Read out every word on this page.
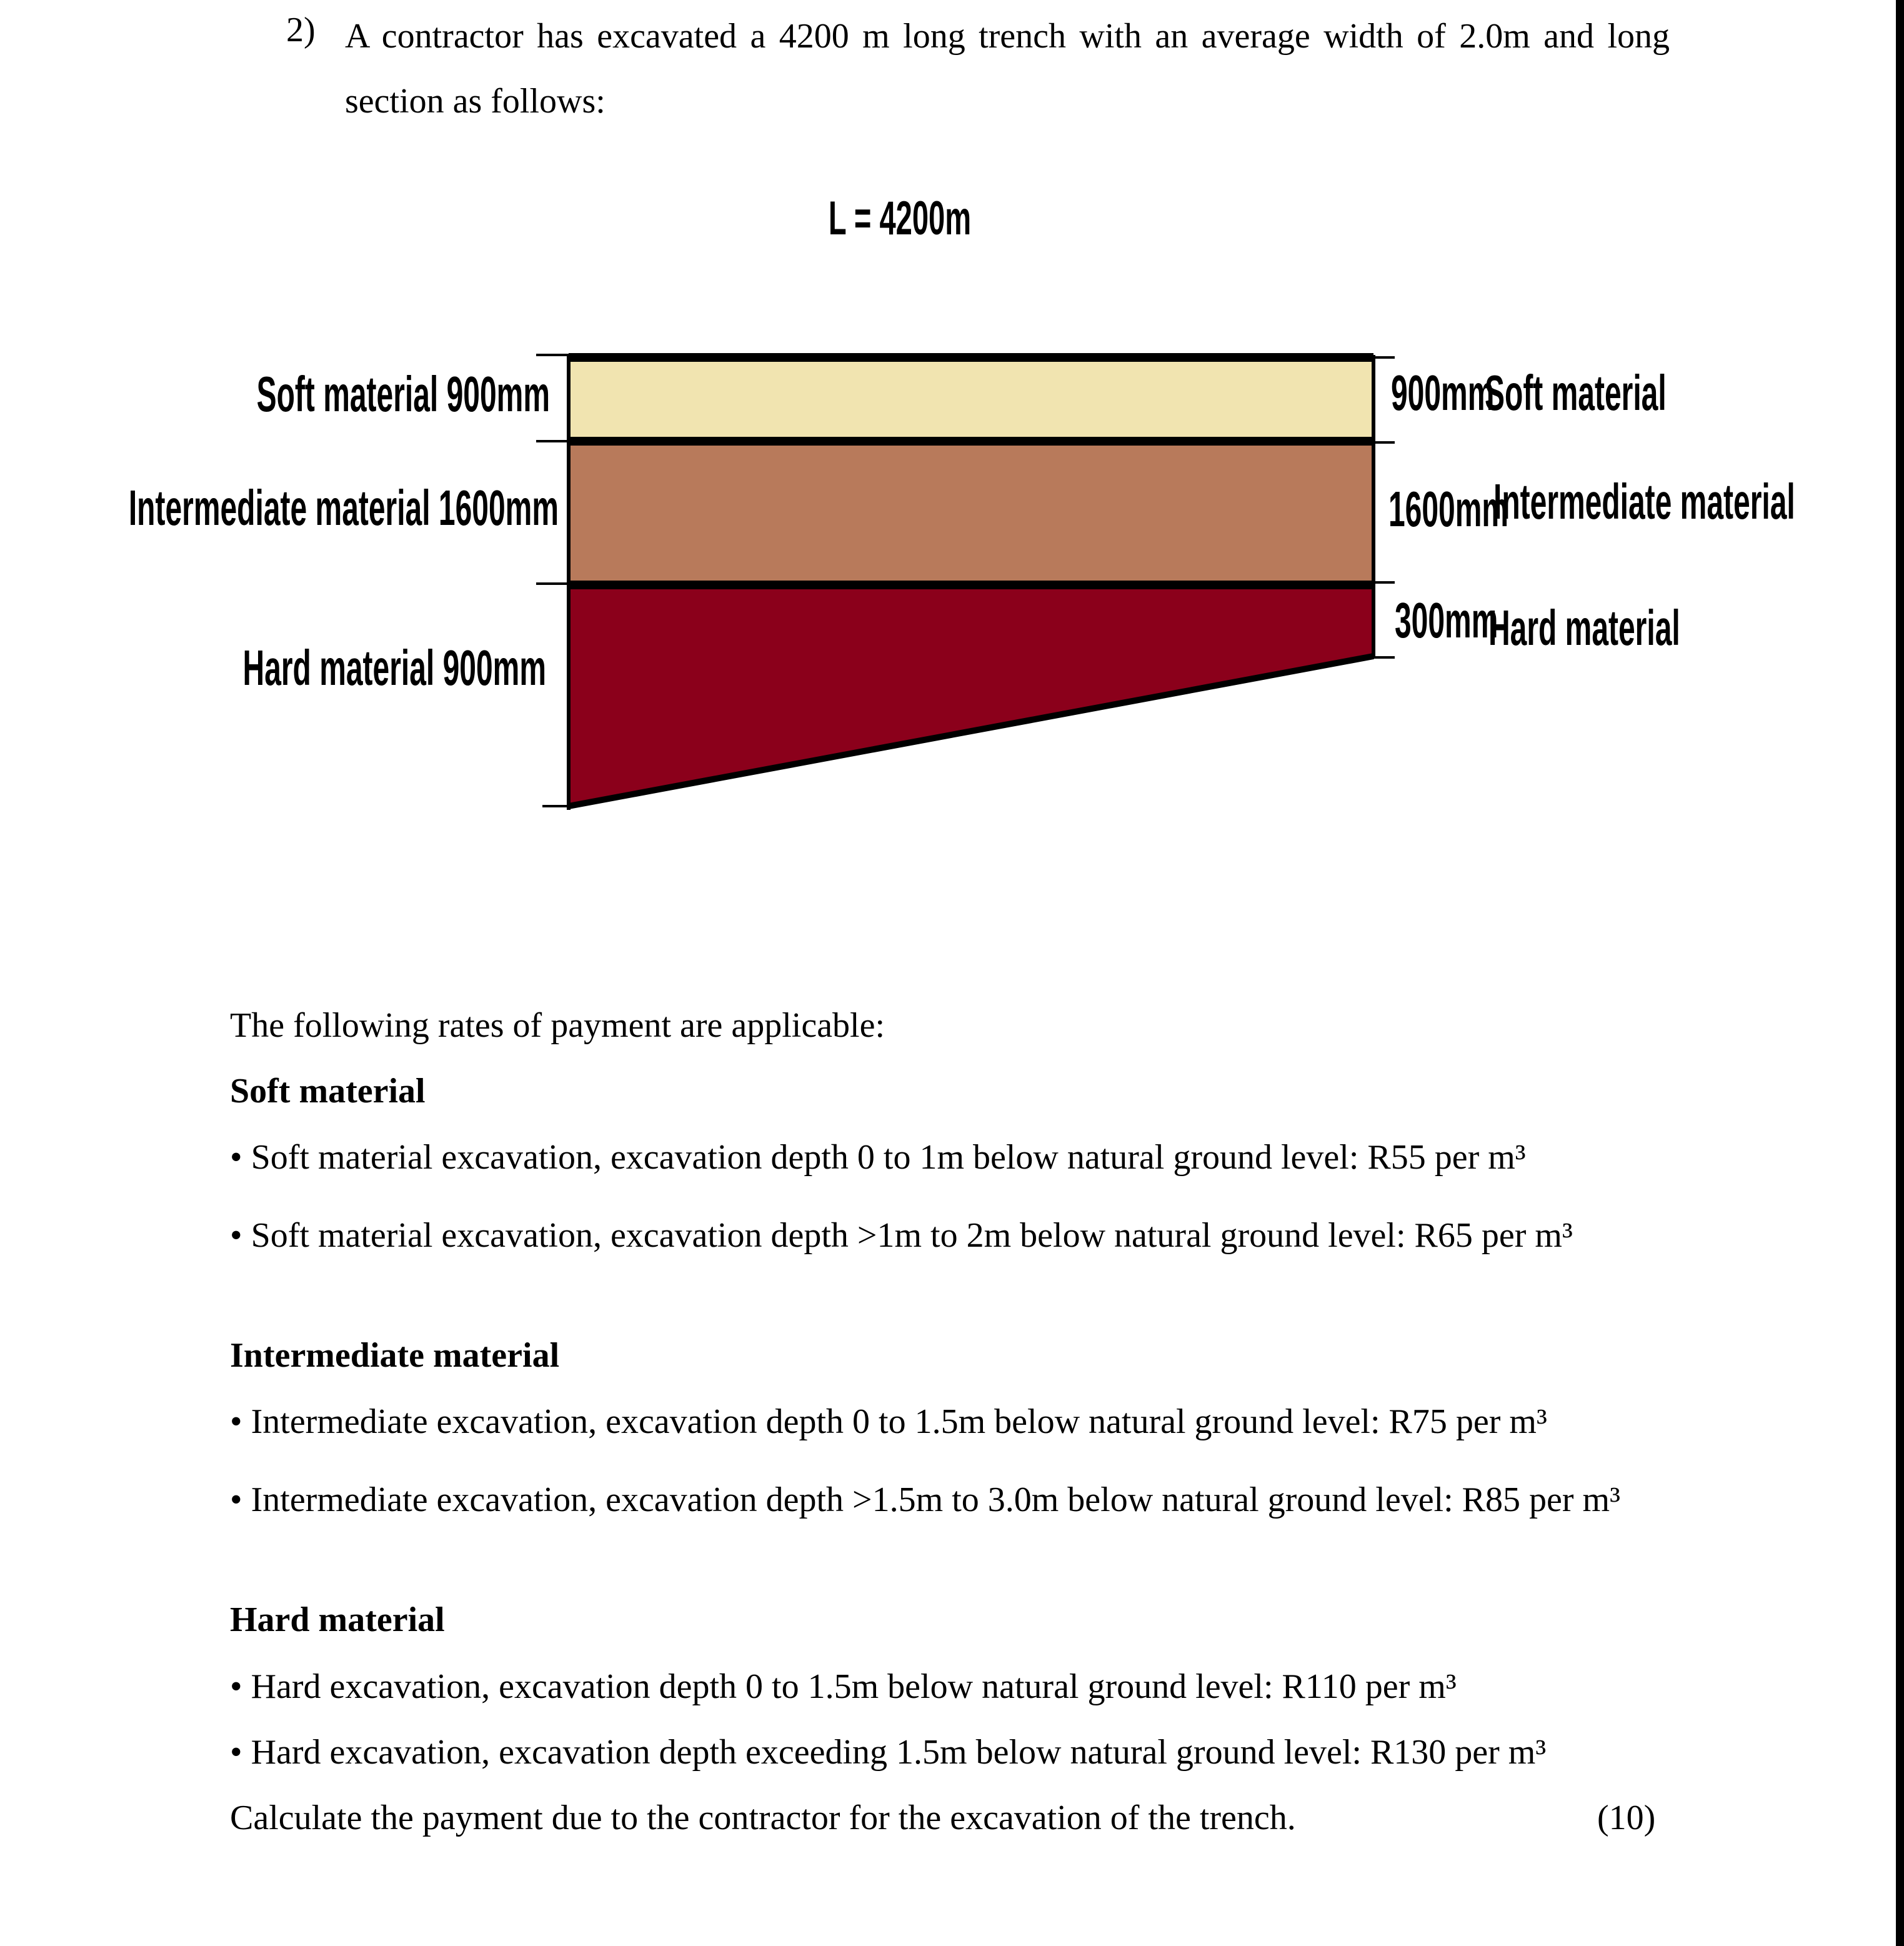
2) A contractor has excavated a 4200 m long trench with an average width of 2.0m and long section as follows:
L = 4200m
Soft material 900mm
Intermediate material 1600mm
Hard material 900mm
900mm
Soft material
1600mm
Intermediate material
300mm
Hard material
The following rates of payment are applicable:
Soft material
• Soft material excavation, excavation depth 0 to 1m below natural ground level: R55 per m³
• Soft material excavation, excavation depth >1m to 2m below natural ground level: R65 per m³
Intermediate material
• Intermediate excavation, excavation depth 0 to 1.5m below natural ground level: R75 per m³
• Intermediate excavation, excavation depth >1.5m to 3.0m below natural ground level: R85 per m³
Hard material
• Hard excavation, excavation depth 0 to 1.5m below natural ground level: R110 per m³
• Hard excavation, excavation depth exceeding 1.5m below natural ground level: R130 per m³
Calculate the payment due to the contractor for the excavation of the trench.	(10)
